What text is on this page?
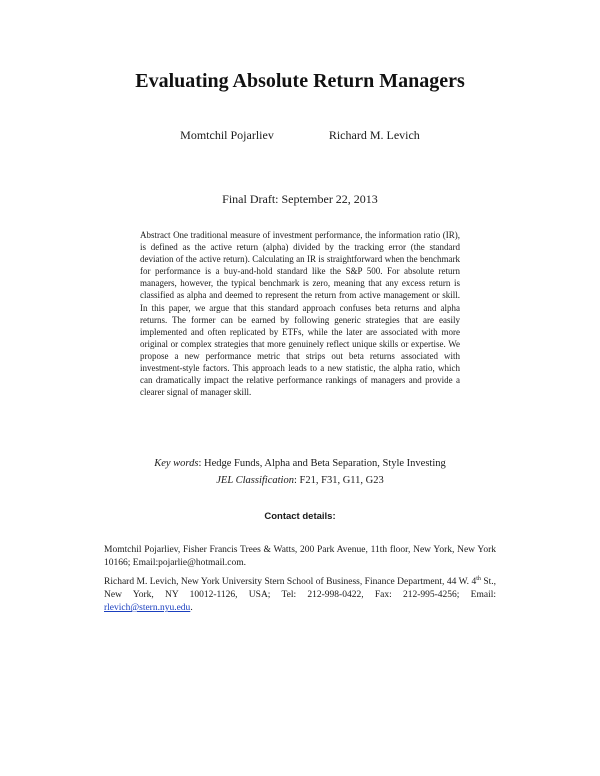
Evaluating Absolute Return Managers
Momtchil Pojarliev	Richard M. Levich
Final Draft: September 22, 2013

Abstract One traditional measure of investment performance, the information ratio (IR), is defined as the active return (alpha) divided by the tracking error (the standard deviation of the active return). Calculating an IR is straightforward when the benchmark for performance is a buy-and-hold standard like the S&P 500. For absolute return managers, however, the typical benchmark is zero, meaning that any excess return is classified as alpha and deemed to represent the return from active management or skill. In this paper, we argue that this standard approach confuses beta returns and alpha returns. The former can be earned by following generic strategies that are easily implemented and often replicated by ETFs, while the later are associated with more original or complex strategies that more genuinely reflect unique skills or expertise. We propose a new performance metric that strips out beta returns associated with investment-style factors. This approach leads to a new statistic, the alpha ratio, which can dramatically impact the relative performance rankings of managers and provide a clearer signal of manager skill.

Key words: Hedge Funds, Alpha and Beta Separation, Style Investing
JEL Classification: F21, F31, G11, G23
Contact details:

Momtchil Pojarliev, Fisher Francis Trees & Watts, 200 Park Avenue, 11th floor, New York, New York 10166; Email:pojarlie@hotmail.com.

Richard M. Levich, New York University Stern School of Business, Finance Department, 44 W. 4th St., New York, NY 10012-1126, USA; Tel: 212-998-0422, Fax: 212-995-4256; Email: rlevich@stern.nyu.edu.
